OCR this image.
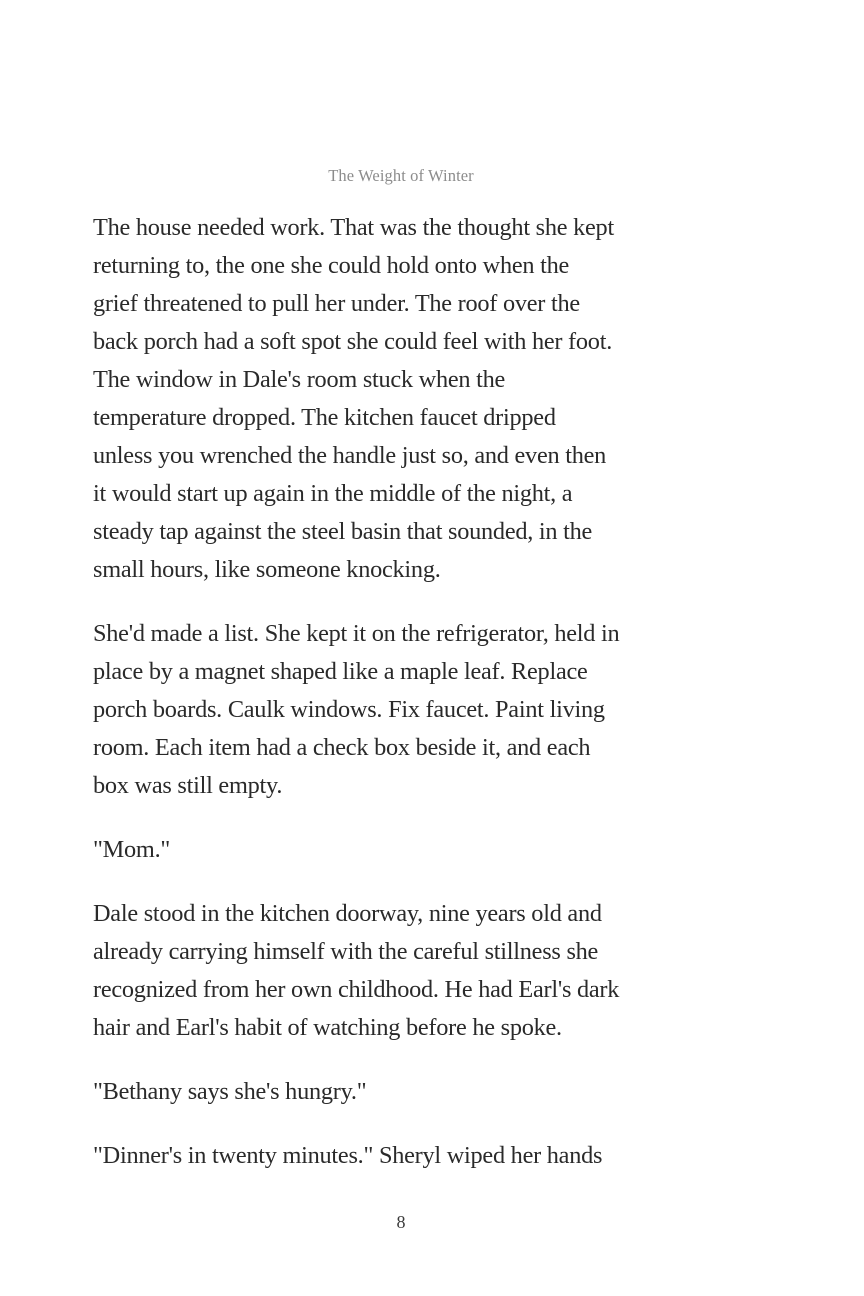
The Weight of Winter

The house needed work. That was the thought she kept
returning to, the one she could hold onto when the
grief threatened to pull her under. The roof over the
back porch had a soft spot she could feel with her foot.
The window in Dale's room stuck when the
temperature dropped. The kitchen faucet dripped
unless you wrenched the handle just so, and even then
it would start up again in the middle of the night, a
steady tap against the steel basin that sounded, in the
small hours, like someone knocking.

She'd made a list. She kept it on the refrigerator, held in
place by a magnet shaped like a maple leaf. Replace
porch boards. Caulk windows. Fix faucet. Paint living
room. Each item had a check box beside it, and each
box was still empty.

"Mom."

Dale stood in the kitchen doorway, nine years old and
already carrying himself with the careful stillness she
recognized from her own childhood. He had Earl's dark
hair and Earl's habit of watching before he spoke.

"Bethany says she's hungry."

"Dinner's in twenty minutes." Sheryl wiped her hands

8
